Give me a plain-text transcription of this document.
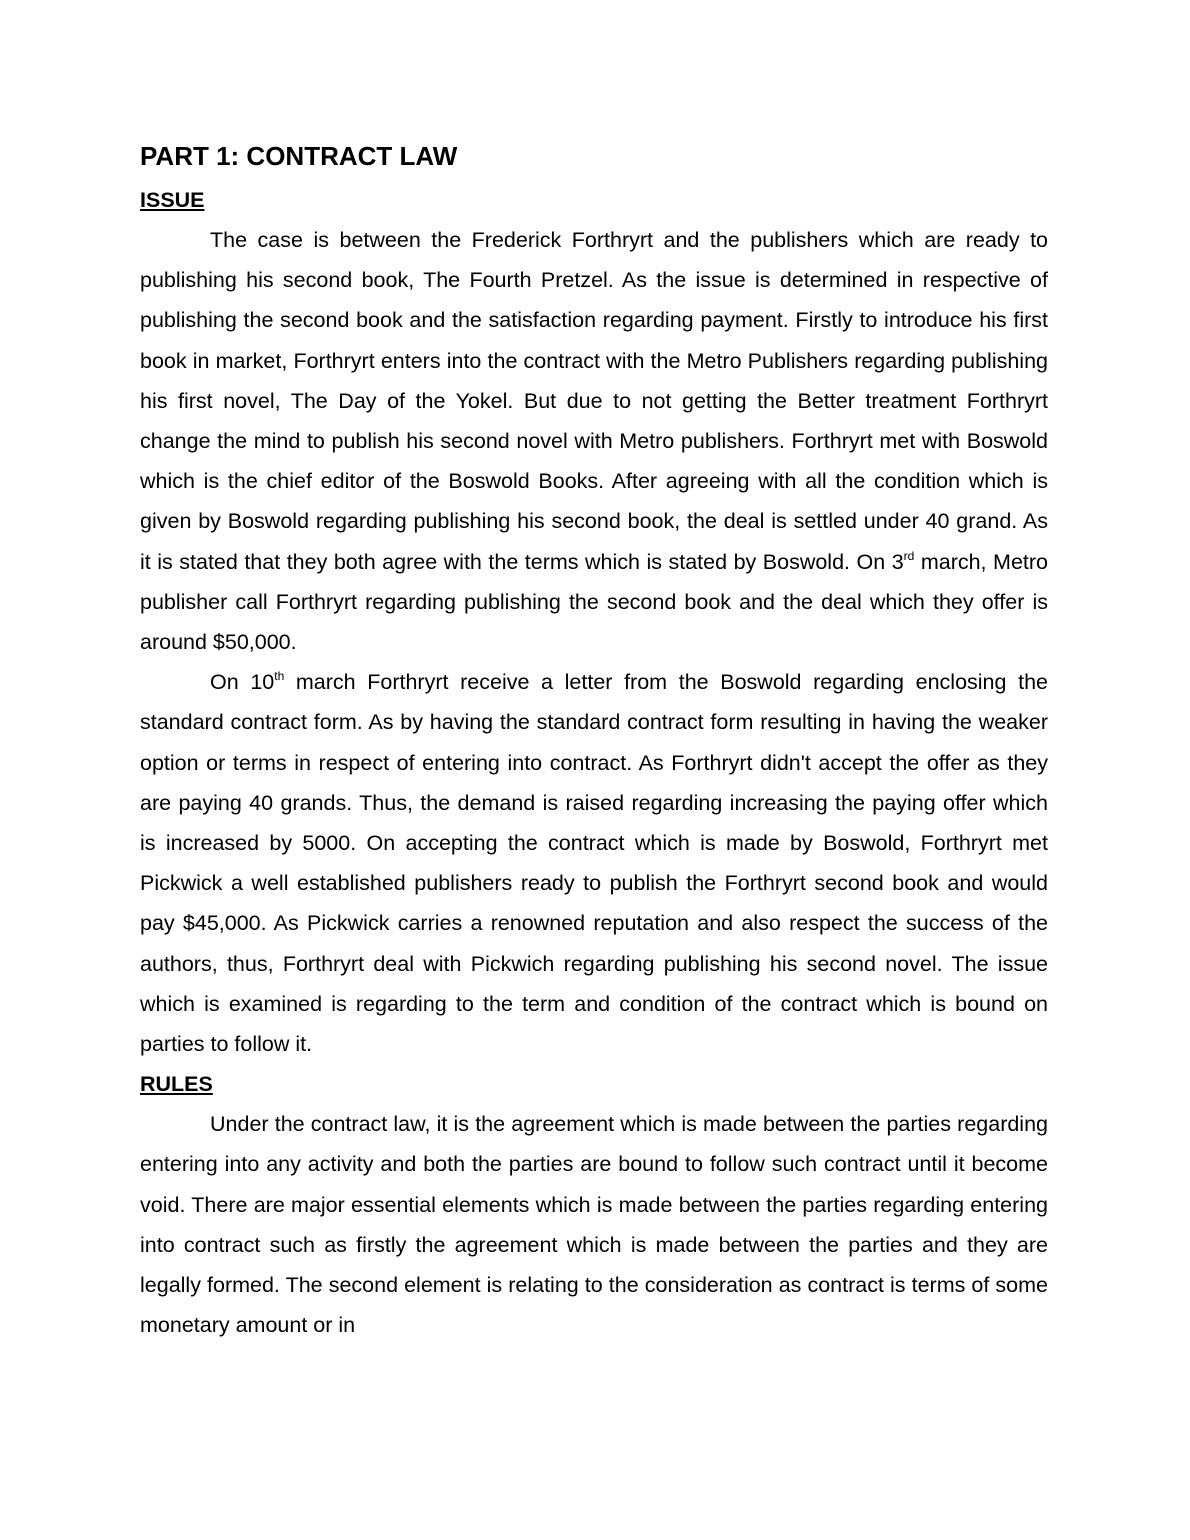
PART 1: CONTRACT LAW
ISSUE

The case is between the Frederick Forthryrt and the publishers which are ready to publishing his second book, The Fourth Pretzel. As the issue is determined in respective of publishing the second book and the satisfaction regarding payment. Firstly to introduce his first book in market, Forthryrt enters into the contract with the Metro Publishers regarding publishing his first novel, The Day of the Yokel. But due to not getting the Better treatment Forthryrt change the mind to publish his second novel with Metro publishers. Forthryrt met with Boswold which is the chief editor of the Boswold Books. After agreeing with all the condition which is given by Boswold regarding publishing his second book, the deal is settled under 40 grand. As it is stated that they both agree with the terms which is stated by Boswold. On 3rd march, Metro publisher call Forthryrt regarding publishing the second book and the deal which they offer is around $50,000.

On 10th march Forthryrt receive a letter from the Boswold regarding enclosing the standard contract form. As by having the standard contract form resulting in having the weaker option or terms in respect of entering into contract. As Forthryrt didn't accept the offer as they are paying 40 grands. Thus, the demand is raised regarding increasing the paying offer which is increased by 5000. On accepting the contract which is made by Boswold, Forthryrt met Pickwick a well established publishers ready to publish the Forthryrt second book and would pay $45,000. As Pickwick carries a renowned reputation and also respect the success of the authors, thus, Forthryrt deal with Pickwich regarding publishing his second novel. The issue which is examined is regarding to the term and condition of the contract which is bound on parties to follow it.

RULES

Under the contract law, it is the agreement which is made between the parties regarding entering into any activity and both the parties are bound to follow such contract until it become void. There are major essential elements which is made between the parties regarding entering into contract such as firstly the agreement which is made between the parties and they are legally formed. The second element is relating to the consideration as contract is terms of some monetary amount or in
